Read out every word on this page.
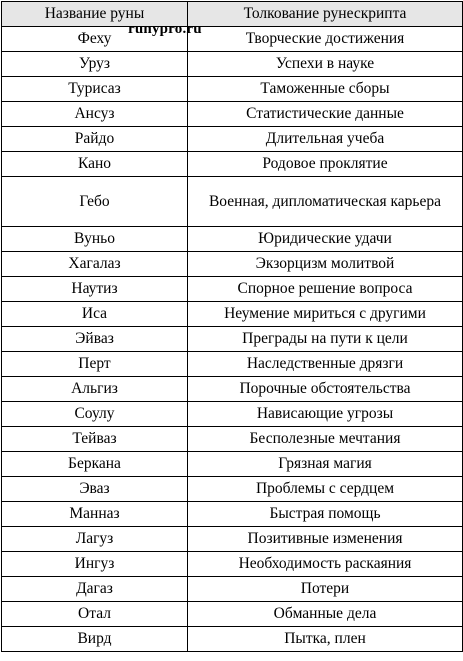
Название руны	Толкование рунескрипта
Феху	Творческие достижения
Уруз	Успехи в науке
Турисаз	Таможенные сборы
Ансуз	Статистические данные
Райдо	Длительная учеба
Кано	Родовое проклятие
Гебо	Военная, дипломатическая карьера
Вуньо	Юридические удачи
Хагалаз	Экзорцизм молитвой
Наутиз	Спорное решение вопроса
Иса	Неумение мириться с другими
Эйваз	Преграды на пути к цели
Перт	Наследственные дрязги
Альгиз	Порочные обстоятельства
Соулу	Нависающие угрозы
Тейваз	Бесполезные мечтания
Беркана	Грязная магия
Эваз	Проблемы с сердцем
Манназ	Быстрая помощь
Лагуз	Позитивные изменения
Ингуз	Необходимость раскаяния
Дагаз	Потери
Отал	Обманные дела
Вирд	Пытка, плен
runypro.ru
